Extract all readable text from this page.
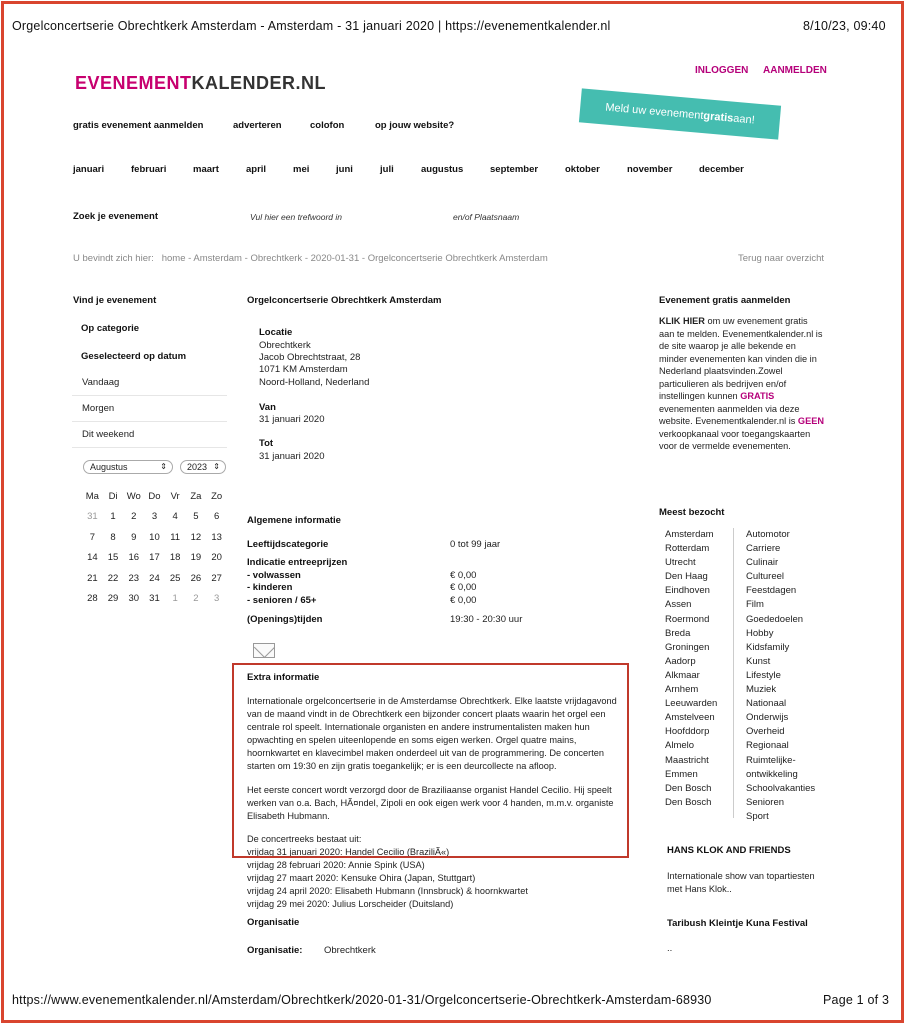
Orgelconcertserie Obrechtkerk Amsterdam - Amsterdam - 31 januari 2020 | https://evenementkalender.nl	8/10/23, 09:40
EVENEMENTKALENDER.NL
INLOGGEN AANMELDEN
Meld uw evenement
gratis
aan!
gratis evenement aanmelden	adverteren	colofon	op jouw website?
januari	februari	maart	april	mei	juni	juli	augustus	september	oktober	november	december
Zoek je evenement	Vul hier een trefwoord in	en/of Plaatsnaam
U bevindt zich hier: home - Amsterdam - Obrechtkerk - 2020-01-31 - Orgelconcertserie Obrechtkerk Amsterdam	Terug naar overzicht
Vind je evenement
Op categorie
Geselecteerd op datum
Vandaag
Morgen
Dit weekend
Augustus	⇕	2023 ⇕
Ma	Di	Wo	Do	Vr	Za	Zo
31	1	2	3	4	5	6
7	8	9	10	11	12	13
14	15	16	17	18	19	20
21	22	23	24	25	26	27
28	29	30	31	1	2	3
Orgelconcertserie Obrechtkerk Amsterdam
Locatie
Obrechtkerk
Jacob Obrechtstraat, 28
1071 KM Amsterdam
Noord-Holland, Nederland
Van
31 januari 2020
Tot
31 januari 2020
Algemene informatie
Leeftijdscategorie	0 tot 99 jaar
Indicatie entreeprijzen
- volwassen	€ 0,00
- kinderen	€ 0,00
- senioren / 65+	€ 0,00
(Openings)tijden	19:30 - 20:30 uur
Extra informatie
Internationale orgelconcertserie in de Amsterdamse Obrechtkerk. Elke laatste vrijdagavond van de maand vindt in de Obrechtkerk een bijzonder concert plaats waarin het orgel een centrale rol speelt. Internationale organisten en andere instrumentalisten maken hun opwachting en spelen uiteenlopende en soms eigen werken. Orgel quatre mains, hoornkwartet en klavecimbel maken onderdeel uit van de programmering. De concerten starten om 19:30 en zijn gratis toegankelijk; er is een deurcollecte na afloop.
Het eerste concert wordt verzorgd door de Braziliaanse organist Handel Cecilio. Hij speelt werken van o.a. Bach, HÃ¤ndel, Zipoli en ook eigen werk voor 4 handen, m.m.v. organiste Elisabeth Hubmann.
De concertreeks bestaat uit:
vrijdag 31 januari 2020: Handel Cecilio (BraziliÃ«)
vrijdag 28 februari 2020: Annie Spink (USA)
vrijdag 27 maart 2020: Kensuke Ohira (Japan, Stuttgart)
vrijdag 24 april 2020: Elisabeth Hubmann (Innsbruck) & hoornkwartet
vrijdag 29 mei 2020: Julius Lorscheider (Duitsland)
Organisatie
Organisatie: Obrechtkerk
Evenement gratis aanmelden
KLIK HIER om uw evenement gratis aan te melden. Evenementkalender.nl is de site waarop je alle bekende en minder evenementen kan vinden die in Nederland plaatsvinden.Zowel particulieren als bedrijven en/of instellingen kunnen GRATIS evenementen aanmelden via deze website. Evenementkalender.nl is GEEN verkoopkanaal voor toegangskaarten voor de vermelde evenementen.
Meest bezocht
Amsterdam
Rotterdam
Utrecht
Den Haag
Eindhoven
Assen
Roermond
Breda
Groningen
Aadorp
Alkmaar
Arnhem
Leeuwarden
Amstelveen
Hoofddorp
Almelo
Maastricht
Emmen
Den Bosch
Den Bosch
Automotor
Carriere
Culinair
Cultureel
Feestdagen
Film
Goededoelen
Hobby
Kidsfamily
Kunst
Lifestyle
Muziek
Nationaal
Onderwijs
Overheid
Regionaal
Ruimtelijke-
ontwikkeling
Schoolvakanties
Senioren
Sport
HANS KLOK AND FRIENDS
Internationale show van topartiesten met Hans Klok..
Taribush Kleintje Kuna Festival
..
https://www.evenementkalender.nl/Amsterdam/Obrechtkerk/2020-01-31/Orgelconcertserie-Obrechtkerk-Amsterdam-68930	Page 1 of 3
